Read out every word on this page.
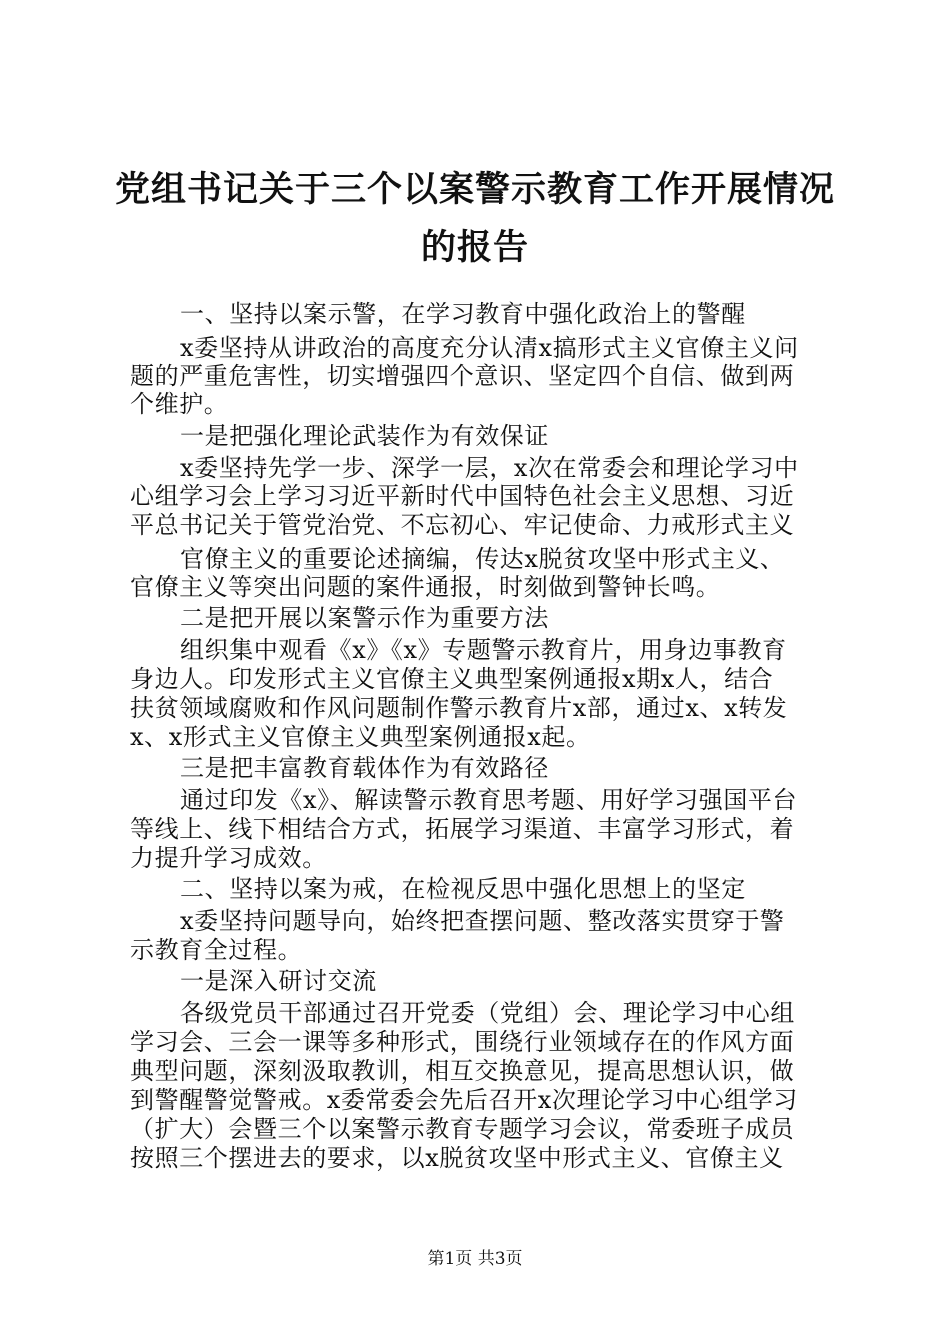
党组书记关于三个以案警示教育工作开展情况
的报告
一、坚持以案示警，在学习教育中强化政治上的警醒
x委坚持从讲政治的高度充分认清x搞形式主义官僚主义问
题的严重危害性，切实增强四个意识、坚定四个自信、做到两
个维护。
一是把强化理论武装作为有效保证
x委坚持先学一步、深学一层，x次在常委会和理论学习中
心组学习会上学习习近平新时代中国特色社会主义思想、习近
平总书记关于管党治党、不忘初心、牢记使命、力戒形式主义
官僚主义的重要论述摘编，传达x脱贫攻坚中形式主义、
官僚主义等突出问题的案件通报，时刻做到警钟长鸣。
二是把开展以案警示作为重要方法
组织集中观看《x》《x》专题警示教育片，用身边事教育
身边人。印发形式主义官僚主义典型案例通报x期x人，结合
扶贫领域腐败和作风问题制作警示教育片x部，通过x、x转发
x、x形式主义官僚主义典型案例通报x起。
三是把丰富教育载体作为有效路径
通过印发《x》、解读警示教育思考题、用好学习强国平台
等线上、线下相结合方式，拓展学习渠道、丰富学习形式，着
力提升学习成效。
二、坚持以案为戒，在检视反思中强化思想上的坚定
x委坚持问题导向，始终把查摆问题、整改落实贯穿于警
示教育全过程。
一是深入研讨交流
各级党员干部通过召开党委（党组）会、理论学习中心组
学习会、三会一课等多种形式，围绕行业领域存在的作风方面
典型问题，深刻汲取教训，相互交换意见，提高思想认识，做
到警醒警觉警戒。x委常委会先后召开x次理论学习中心组学习
（扩大）会暨三个以案警示教育专题学习会议，常委班子成员
按照三个摆进去的要求，以x脱贫攻坚中形式主义、官僚主义
第1页 共3页
